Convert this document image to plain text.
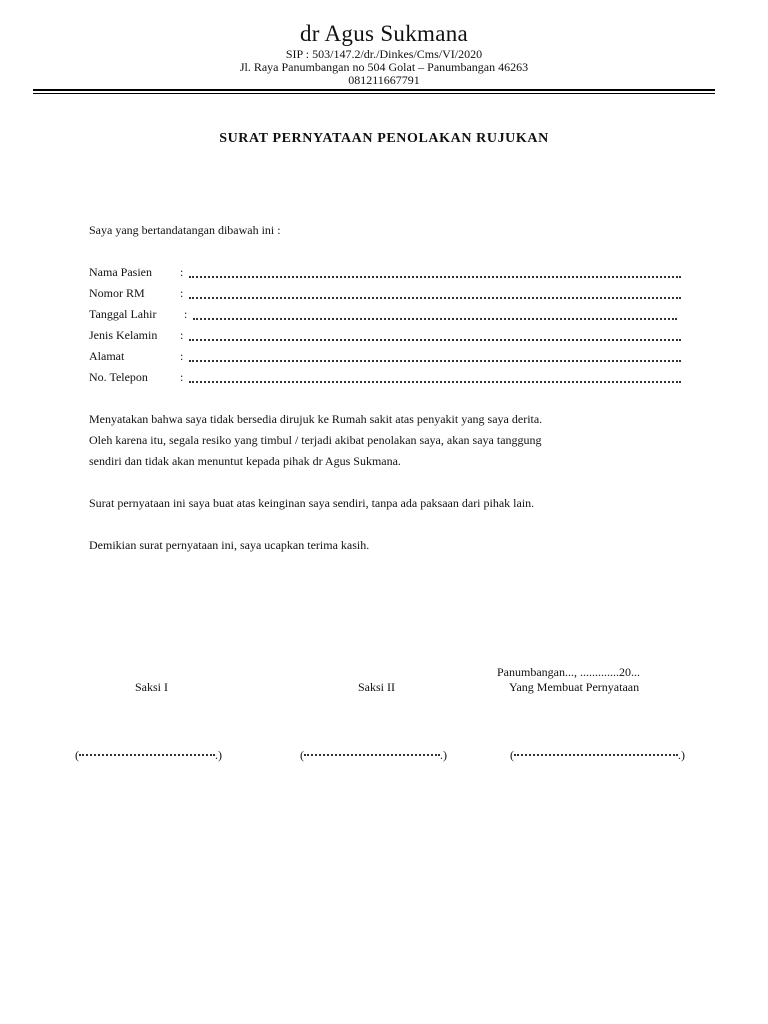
dr Agus Sukmana
SIP : 503/147.2/dr./Dinkes/Cms/VI/2020
Jl. Raya Panumbangan no 504 Golat – Panumbangan 46263
081211667791
SURAT PERNYATAAN PENOLAKAN RUJUKAN
Saya yang bertandatangan dibawah ini :
Nama Pasien :
Nomor RM	:
Tanggal Lahir :
Jenis Kelamin :
Alamat	:
No. Telepon	:
Menyatakan bahwa saya tidak bersedia dirujuk ke Rumah sakit atas penyakit yang saya derita.
Oleh karena itu, segala resiko yang timbul / terjadi akibat penolakan saya, akan saya tanggung
sendiri dan tidak akan menuntut kepada pihak dr Agus Sukmana.
Surat pernyataan ini saya buat atas keinginan saya sendiri, tanpa ada paksaan dari pihak lain.
Demikian surat pernyataan ini, saya ucapkan terima kasih.
Panumbangan..., .............20...
Saksi I	Saksi II	Yang Membuat Pernyataan
(	.)	(	.)	(	.)
